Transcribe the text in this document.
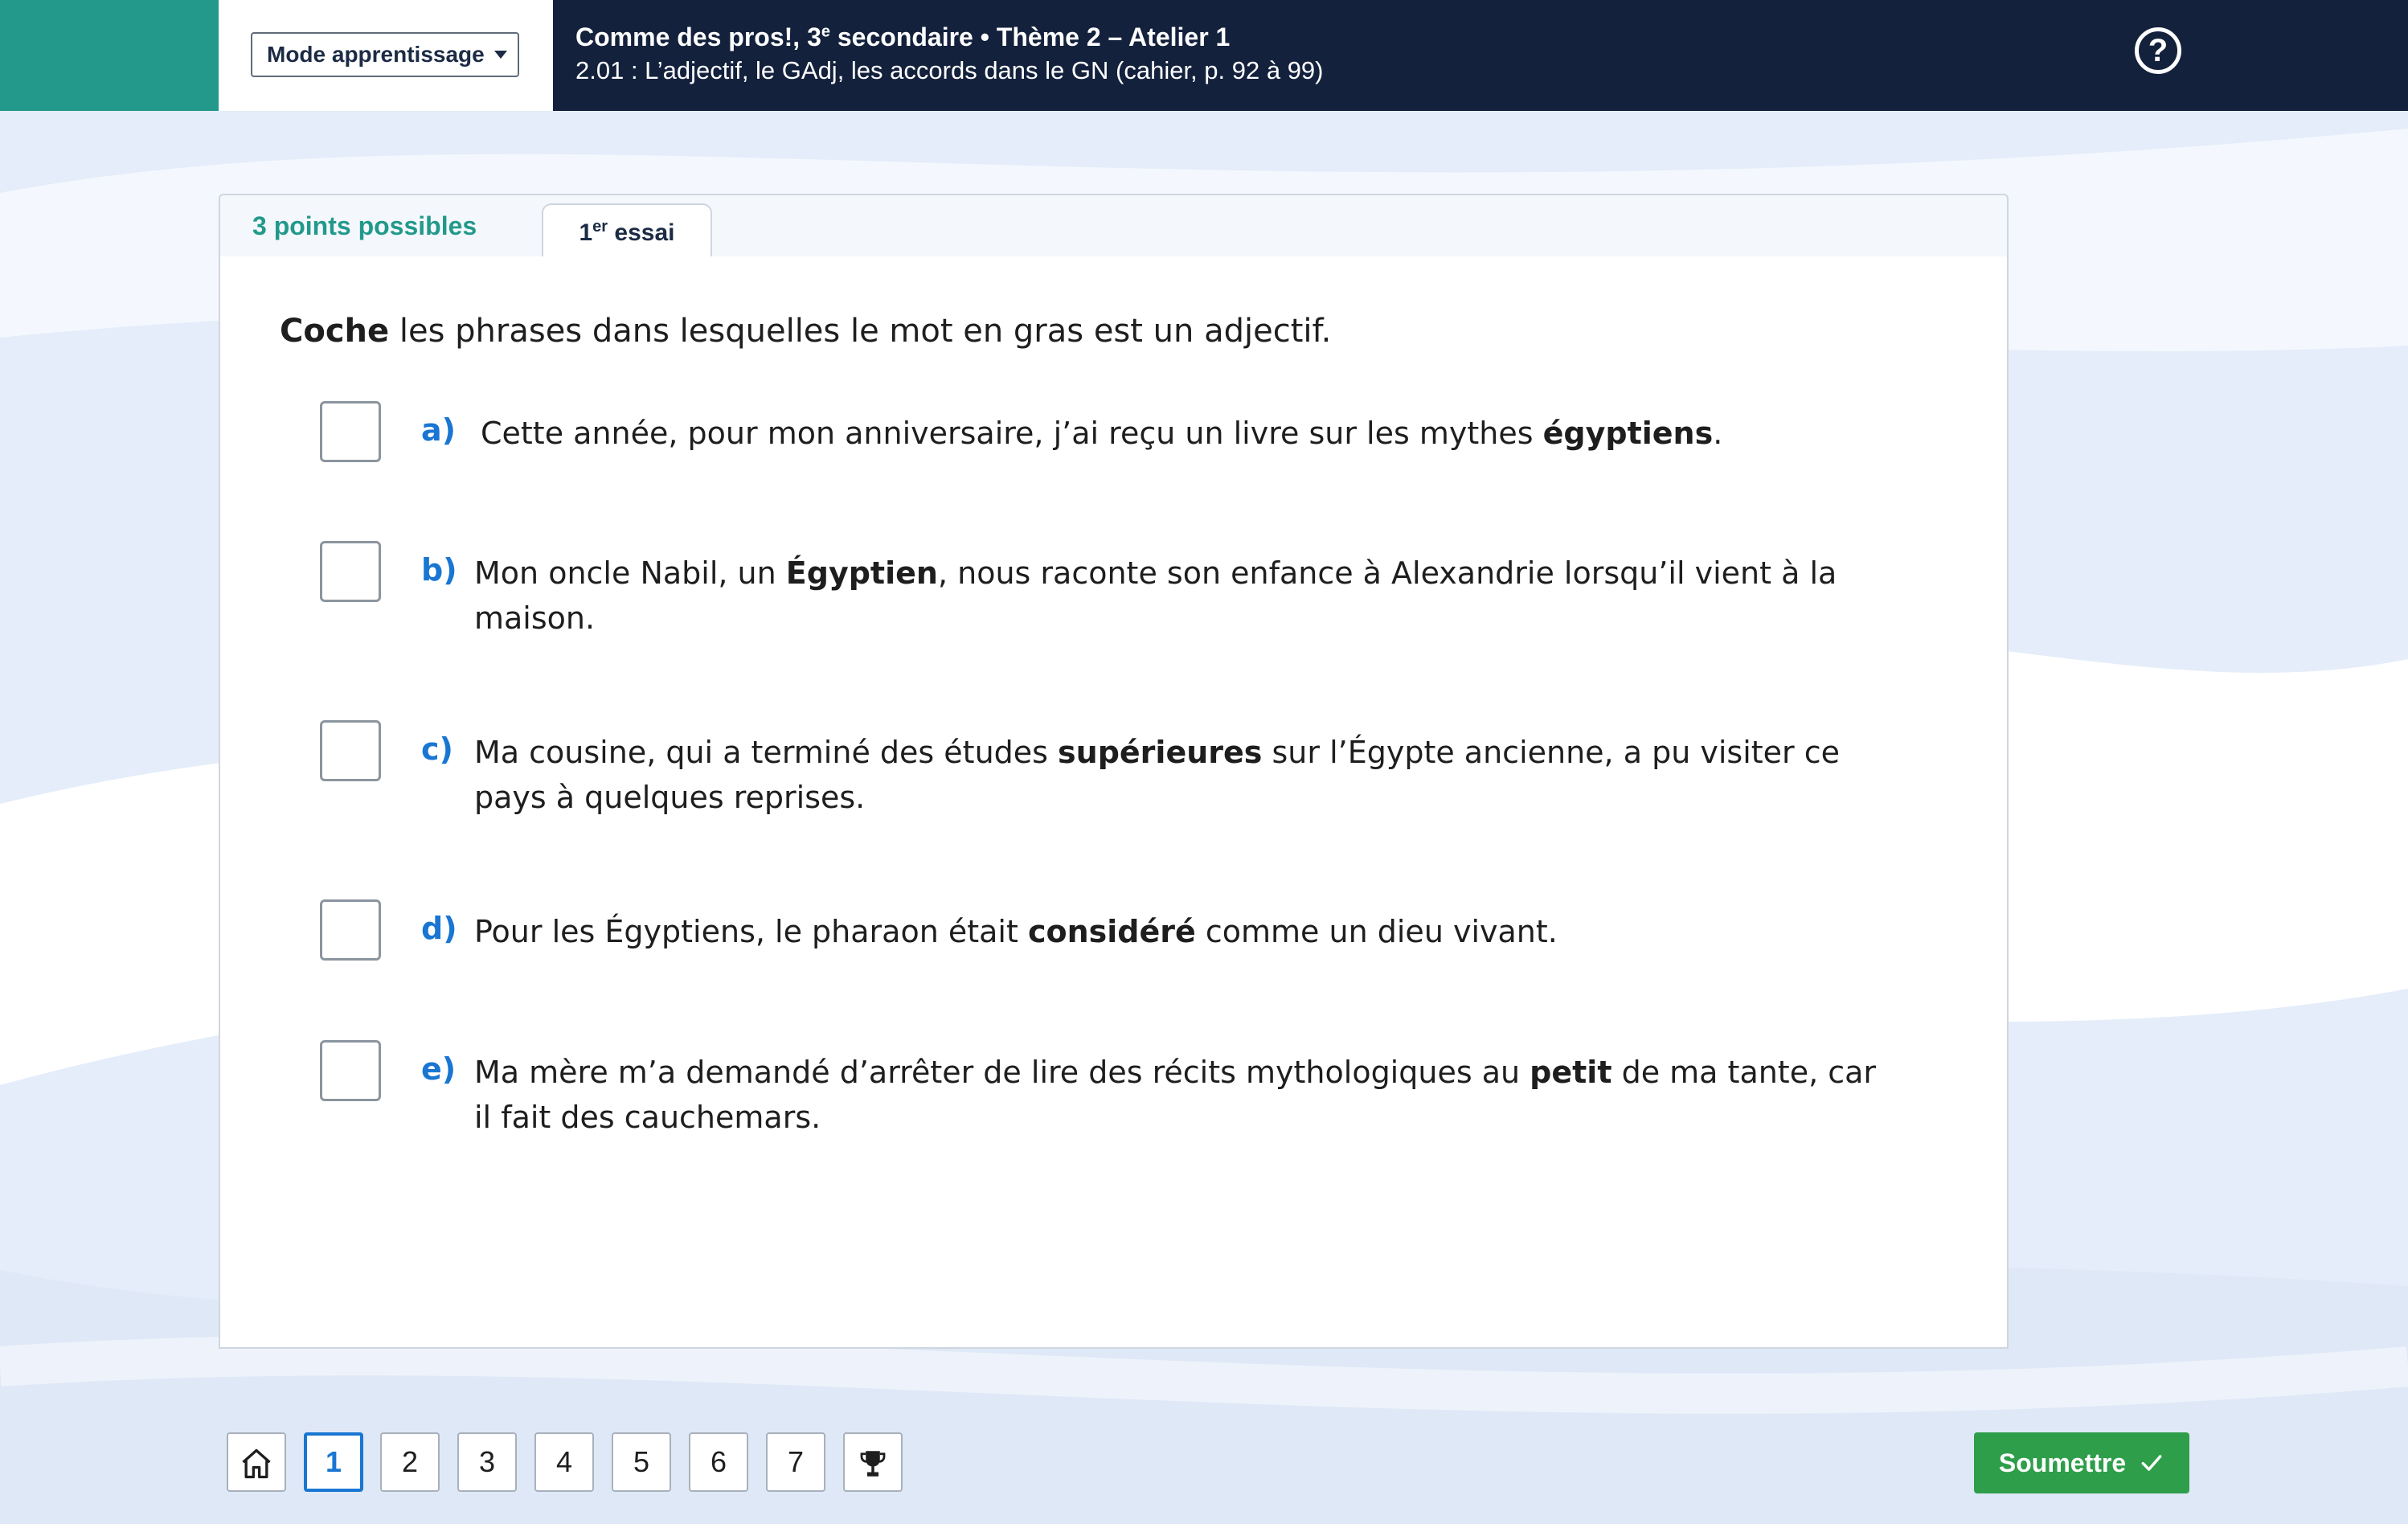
Mode apprentissage
Comme des pros!, 3e secondaire • Thème 2 – Atelier 1
2.01 : L’adjectif, le GAdj, les accords dans le GN (cahier, p. 92 à 99)
?
3 points possibles	1er essai
Coche les phrases dans lesquelles le mot en gras est un adjectif.
a) Cette année, pour mon anniversaire, j’ai reçu un livre sur les mythes égyptiens.
b) Mon oncle Nabil, un Égyptien, nous raconte son enfance à Alexandrie lorsqu’il vient à la maison.
c) Ma cousine, qui a terminé des études supérieures sur l’Égypte ancienne, a pu visiter ce pays à quelques reprises.
d) Pour les Égyptiens, le pharaon était considéré comme un dieu vivant.
e) Ma mère m’a demandé d’arrêter de lire des récits mythologiques au petit de ma tante, car il fait des cauchemars.
1	2	3	4	5	6	7	Soumettre
